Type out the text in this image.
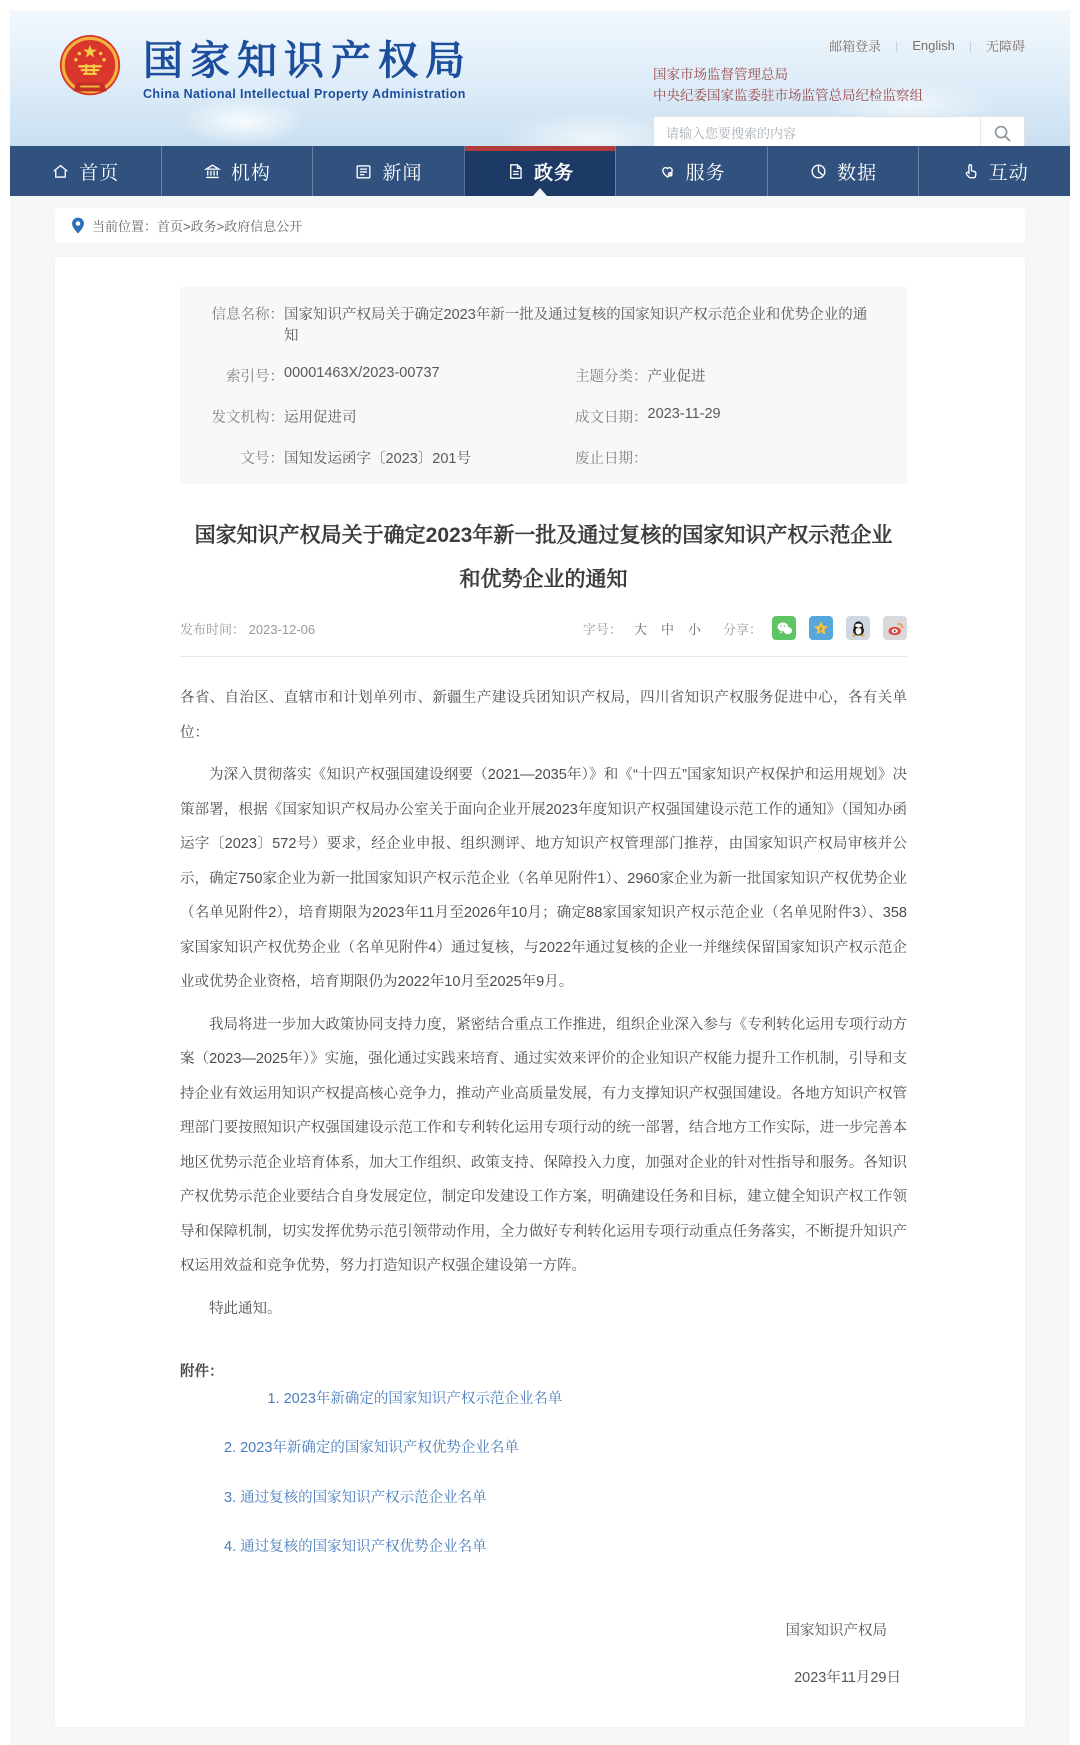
国家知识产权局
China National Intellectual Property Administration
邮箱登录 | English | 无障碍
国家市场监督管理总局
中央纪委国家监委驻市场监管总局纪检监察组
请输入您要搜索的内容
首页	机构	新闻	政务	服务	数据	互动
当前位置： 首页>政务>政府信息公开
信息名称： 国家知识产权局关于确定2023年新一批及通过复核的国家知识产权示范企业和优势企业的通知
索引号： 00001463X/2023-00737	主题分类： 产业促进
发文机构： 运用促进司	成文日期： 2023-11-29
文号： 国知发运函字〔2023〕201号	废止日期：
国家知识产权局关于确定2023年新一批及通过复核的国家知识产权示范企业
和优势企业的通知
发布时间： 2023-12-06	字号： 大 中 小 分享：	z

各省、自治区、直辖市和计划单列市、新疆生产建设兵团知识产权局，四川省知识产权服务促进中心，各有关单位：

为深入贯彻落实《知识产权强国建设纲要（2021—2035年）》和《“十四五”国家知识产权保护和运用规划》决策部署，根据《国家知识产权局办公室关于面向企业开展2023年度知识产权强国建设示范工作的通知》（国知办函运字〔2023〕572号）要求，经企业申报、组织测评、地方知识产权管理部门推荐，由国家知识产权局审核并公示，确定750家企业为新一批国家知识产权示范企业（名单见附件1）、2960家企业为新一批国家知识产权优势企业（名单见附件2），培育期限为2023年11月至2026年10月；确定88家国家知识产权示范企业（名单见附件3）、358家国家知识产权优势企业（名单见附件4）通过复核，与2022年通过复核的企业一并继续保留国家知识产权示范企业或优势企业资格，培育期限仍为2022年10月至2025年9月。

我局将进一步加大政策协同支持力度，紧密结合重点工作推进，组织企业深入参与《专利转化运用专项行动方案（2023—2025年）》实施，强化通过实践来培育、通过实效来评价的企业知识产权能力提升工作机制，引导和支持企业有效运用知识产权提高核心竞争力，推动产业高质量发展，有力支撑知识产权强国建设。各地方知识产权管理部门要按照知识产权强国建设示范工作和专利转化运用专项行动的统一部署，结合地方工作实际，进一步完善本地区优势示范企业培育体系，加大工作组织、政策支持、保障投入力度，加强对企业的针对性指导和服务。各知识产权优势示范企业要结合自身发展定位，制定印发建设工作方案，明确建设任务和目标，建立健全知识产权工作领导和保障机制，切实发挥优势示范引领带动作用，全力做好专利转化运用专项行动重点任务落实，不断提升知识产权运用效益和竞争优势，努力打造知识产权强企建设第一方阵。

特此通知。

附件：
1. 2023年新确定的国家知识产权示范企业名单
2. 2023年新确定的国家知识产权优势企业名单
3. 通过复核的国家知识产权示范企业名单
4. 通过复核的国家知识产权优势企业名单
国家知识产权局
2023年11月29日
